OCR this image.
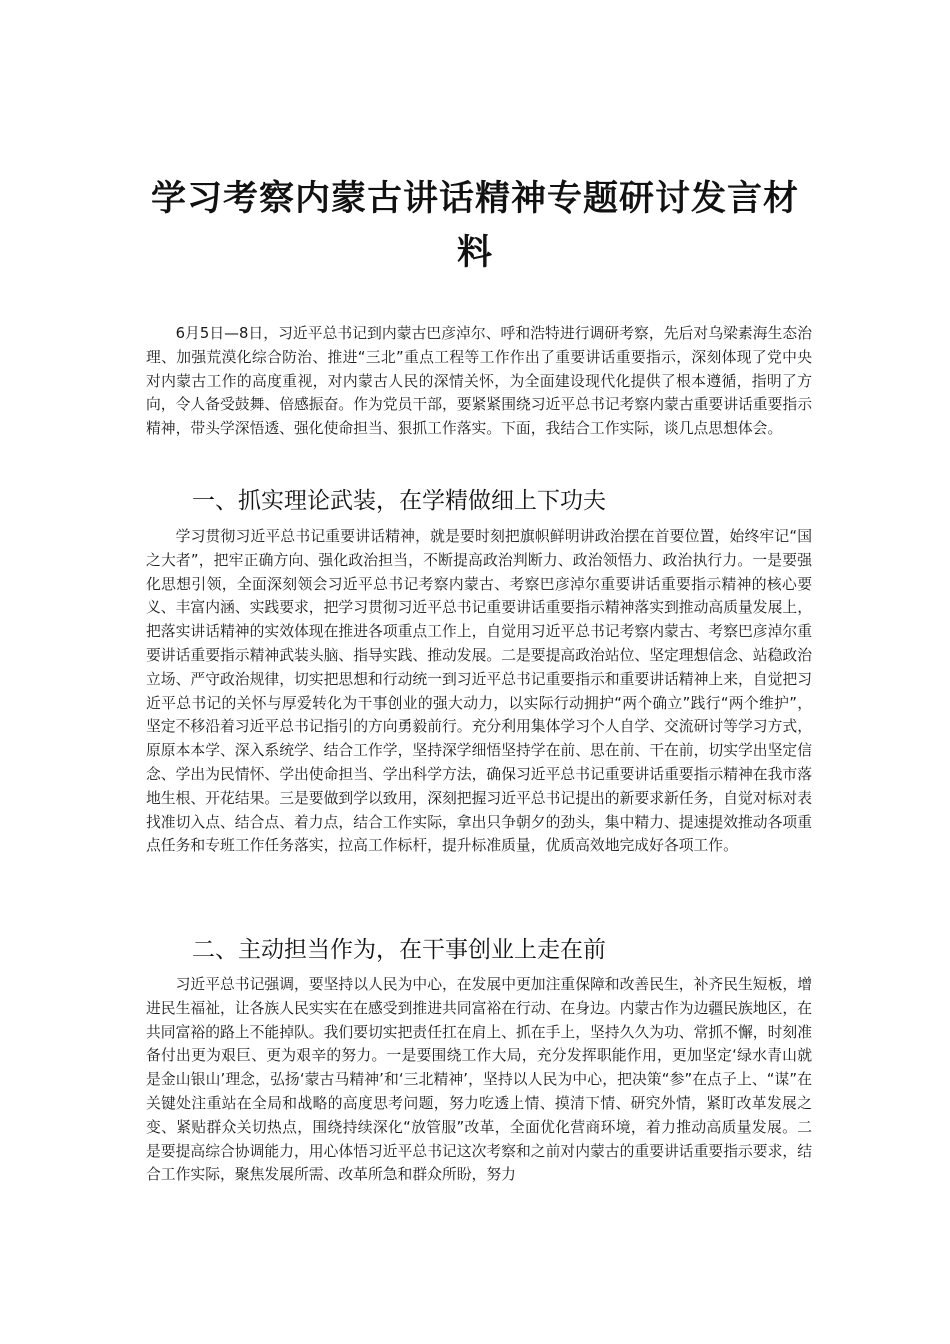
学习考察内蒙古讲话精神专题研讨发言材料

6月5日—8日，习近平总书记到内蒙古巴彦淖尔、呼和浩特进行调研考察，先后对乌梁素海生态治理、加强荒漠化综合防治、推进“三北”重点工程等工作作出了重要讲话重要指示，深刻体现了党中央对内蒙古工作的高度重视，对内蒙古人民的深情关怀，为全面建设现代化提供了根本遵循，指明了方向，令人备受鼓舞、倍感振奋。作为党员干部，要紧紧围绕习近平总书记考察内蒙古重要讲话重要指示精神，带头学深悟透、强化使命担当、狠抓工作落实。下面，我结合工作实际，谈几点思想体会。

一、抓实理论武装，在学精做细上下功夫

学习贯彻习近平总书记重要讲话精神，就是要时刻把旗帜鲜明讲政治摆在首要位置，始终牢记“国之大者”，把牢正确方向、强化政治担当，不断提高政治判断力、政治领悟力、政治执行力。一是要强化思想引领，全面深刻领会习近平总书记考察内蒙古、考察巴彦淖尔重要讲话重要指示精神的核心要义、丰富内涵、实践要求，把学习贯彻习近平总书记重要讲话重要指示精神落实到推动高质量发展上，把落实讲话精神的实效体现在推进各项重点工作上，自觉用习近平总书记考察内蒙古、考察巴彦淖尔重要讲话重要指示精神武装头脑、指导实践、推动发展。二是要提高政治站位、坚定理想信念、站稳政治立场、严守政治规律，切实把思想和行动统一到习近平总书记重要指示和重要讲话精神上来，自觉把习近平总书记的关怀与厚爱转化为干事创业的强大动力，以实际行动拥护“两个确立”践行“两个维护”，坚定不移沿着习近平总书记指引的方向勇毅前行。充分利用集体学习个人自学、交流研讨等学习方式，原原本本学、深入系统学、结合工作学，坚持深学细悟坚持学在前、思在前、干在前，切实学出坚定信念、学出为民情怀、学出使命担当、学出科学方法，确保习近平总书记重要讲话重要指示精神在我市落地生根、开花结果。三是要做到学以致用，深刻把握习近平总书记提出的新要求新任务，自觉对标对表找准切入点、结合点、着力点，结合工作实际，拿出只争朝夕的劲头，集中精力、提速提效推动各项重点任务和专班工作任务落实，拉高工作标杆，提升标准质量，优质高效地完成好各项工作。

二、主动担当作为，在干事创业上走在前

习近平总书记强调，要坚持以人民为中心，在发展中更加注重保障和改善民生，补齐民生短板，增进民生福祉，让各族人民实实在在感受到推进共同富裕在行动、在身边。内蒙古作为边疆民族地区，在共同富裕的路上不能掉队。我们要切实把责任扛在肩上、抓在手上，坚持久久为功、常抓不懈，时刻准备付出更为艰巨、更为艰辛的努力。一是要围绕工作大局，充分发挥职能作用，更加坚定‘绿水青山就是金山银山’理念，弘扬‘蒙古马精神’和‘三北精神’，坚持以人民为中心，把决策“参”在点子上、“谋”在关键处注重站在全局和战略的高度思考问题，努力吃透上情、摸清下情、研究外情，紧盯改革发展之变、紧贴群众关切热点，围绕持续深化“放管服”改革，全面优化营商环境，着力推动高质量发展。二是要提高综合协调能力，用心体悟习近平总书记这次考察和之前对内蒙古的重要讲话重要指示要求，结合工作实际，聚焦发展所需、改革所急和群众所盼，努力
